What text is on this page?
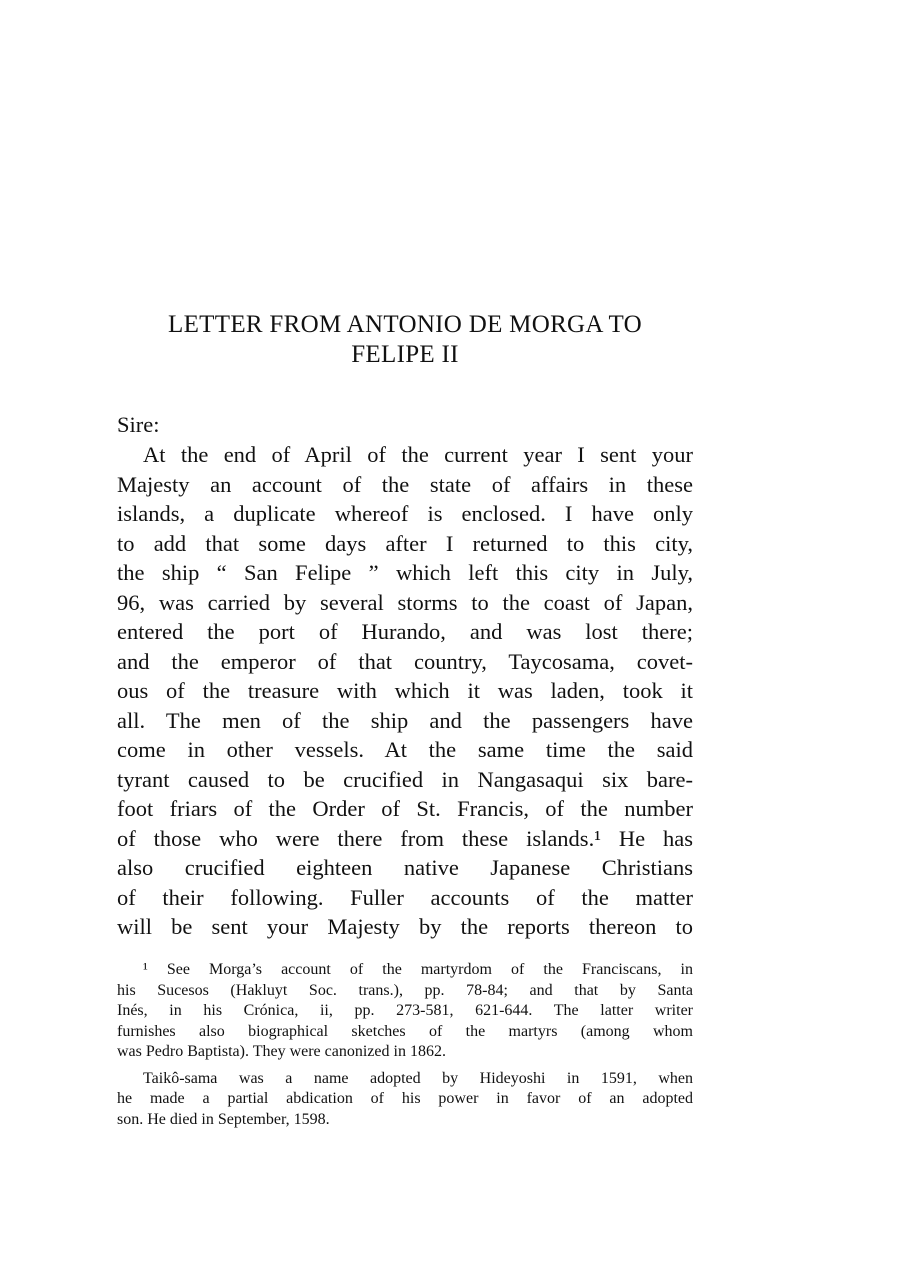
LETTER FROM ANTONIO DE MORGA TO
FELIPE II

Sire:

At the end of April of the current year I sent your
Majesty an account of the state of affairs in these
islands, a duplicate whereof is enclosed. I have only
to add that some days after I returned to this city,
the ship “ San Felipe ” which left this city in July,
96, was carried by several storms to the coast of Japan,
entered the port of Hurando, and was lost there;
and the emperor of that country, Taycosama, covet-
ous of the treasure with which it was laden, took it
all. The men of the ship and the passengers have
come in other vessels. At the same time the said
tyrant caused to be crucified in Nangasaqui six bare-
foot friars of the Order of St. Francis, of the number
of those who were there from these islands.¹ He has
also crucified eighteen native Japanese Christians
of their following. Fuller accounts of the matter
will be sent your Majesty by the reports thereon to
¹ See Morga’s account of the martyrdom of the Franciscans, in
his Sucesos (Hakluyt Soc. trans.), pp. 78-84; and that by Santa
Inés, in his Crónica, ii, pp. 273-581, 621-644. The latter writer
furnishes also biographical sketches of the martyrs (among whom
was Pedro Baptista). They were canonized in 1862.
Taikô-sama was a name adopted by Hideyoshi in 1591, when
he made a partial abdication of his power in favor of an adopted
son. He died in September, 1598.
